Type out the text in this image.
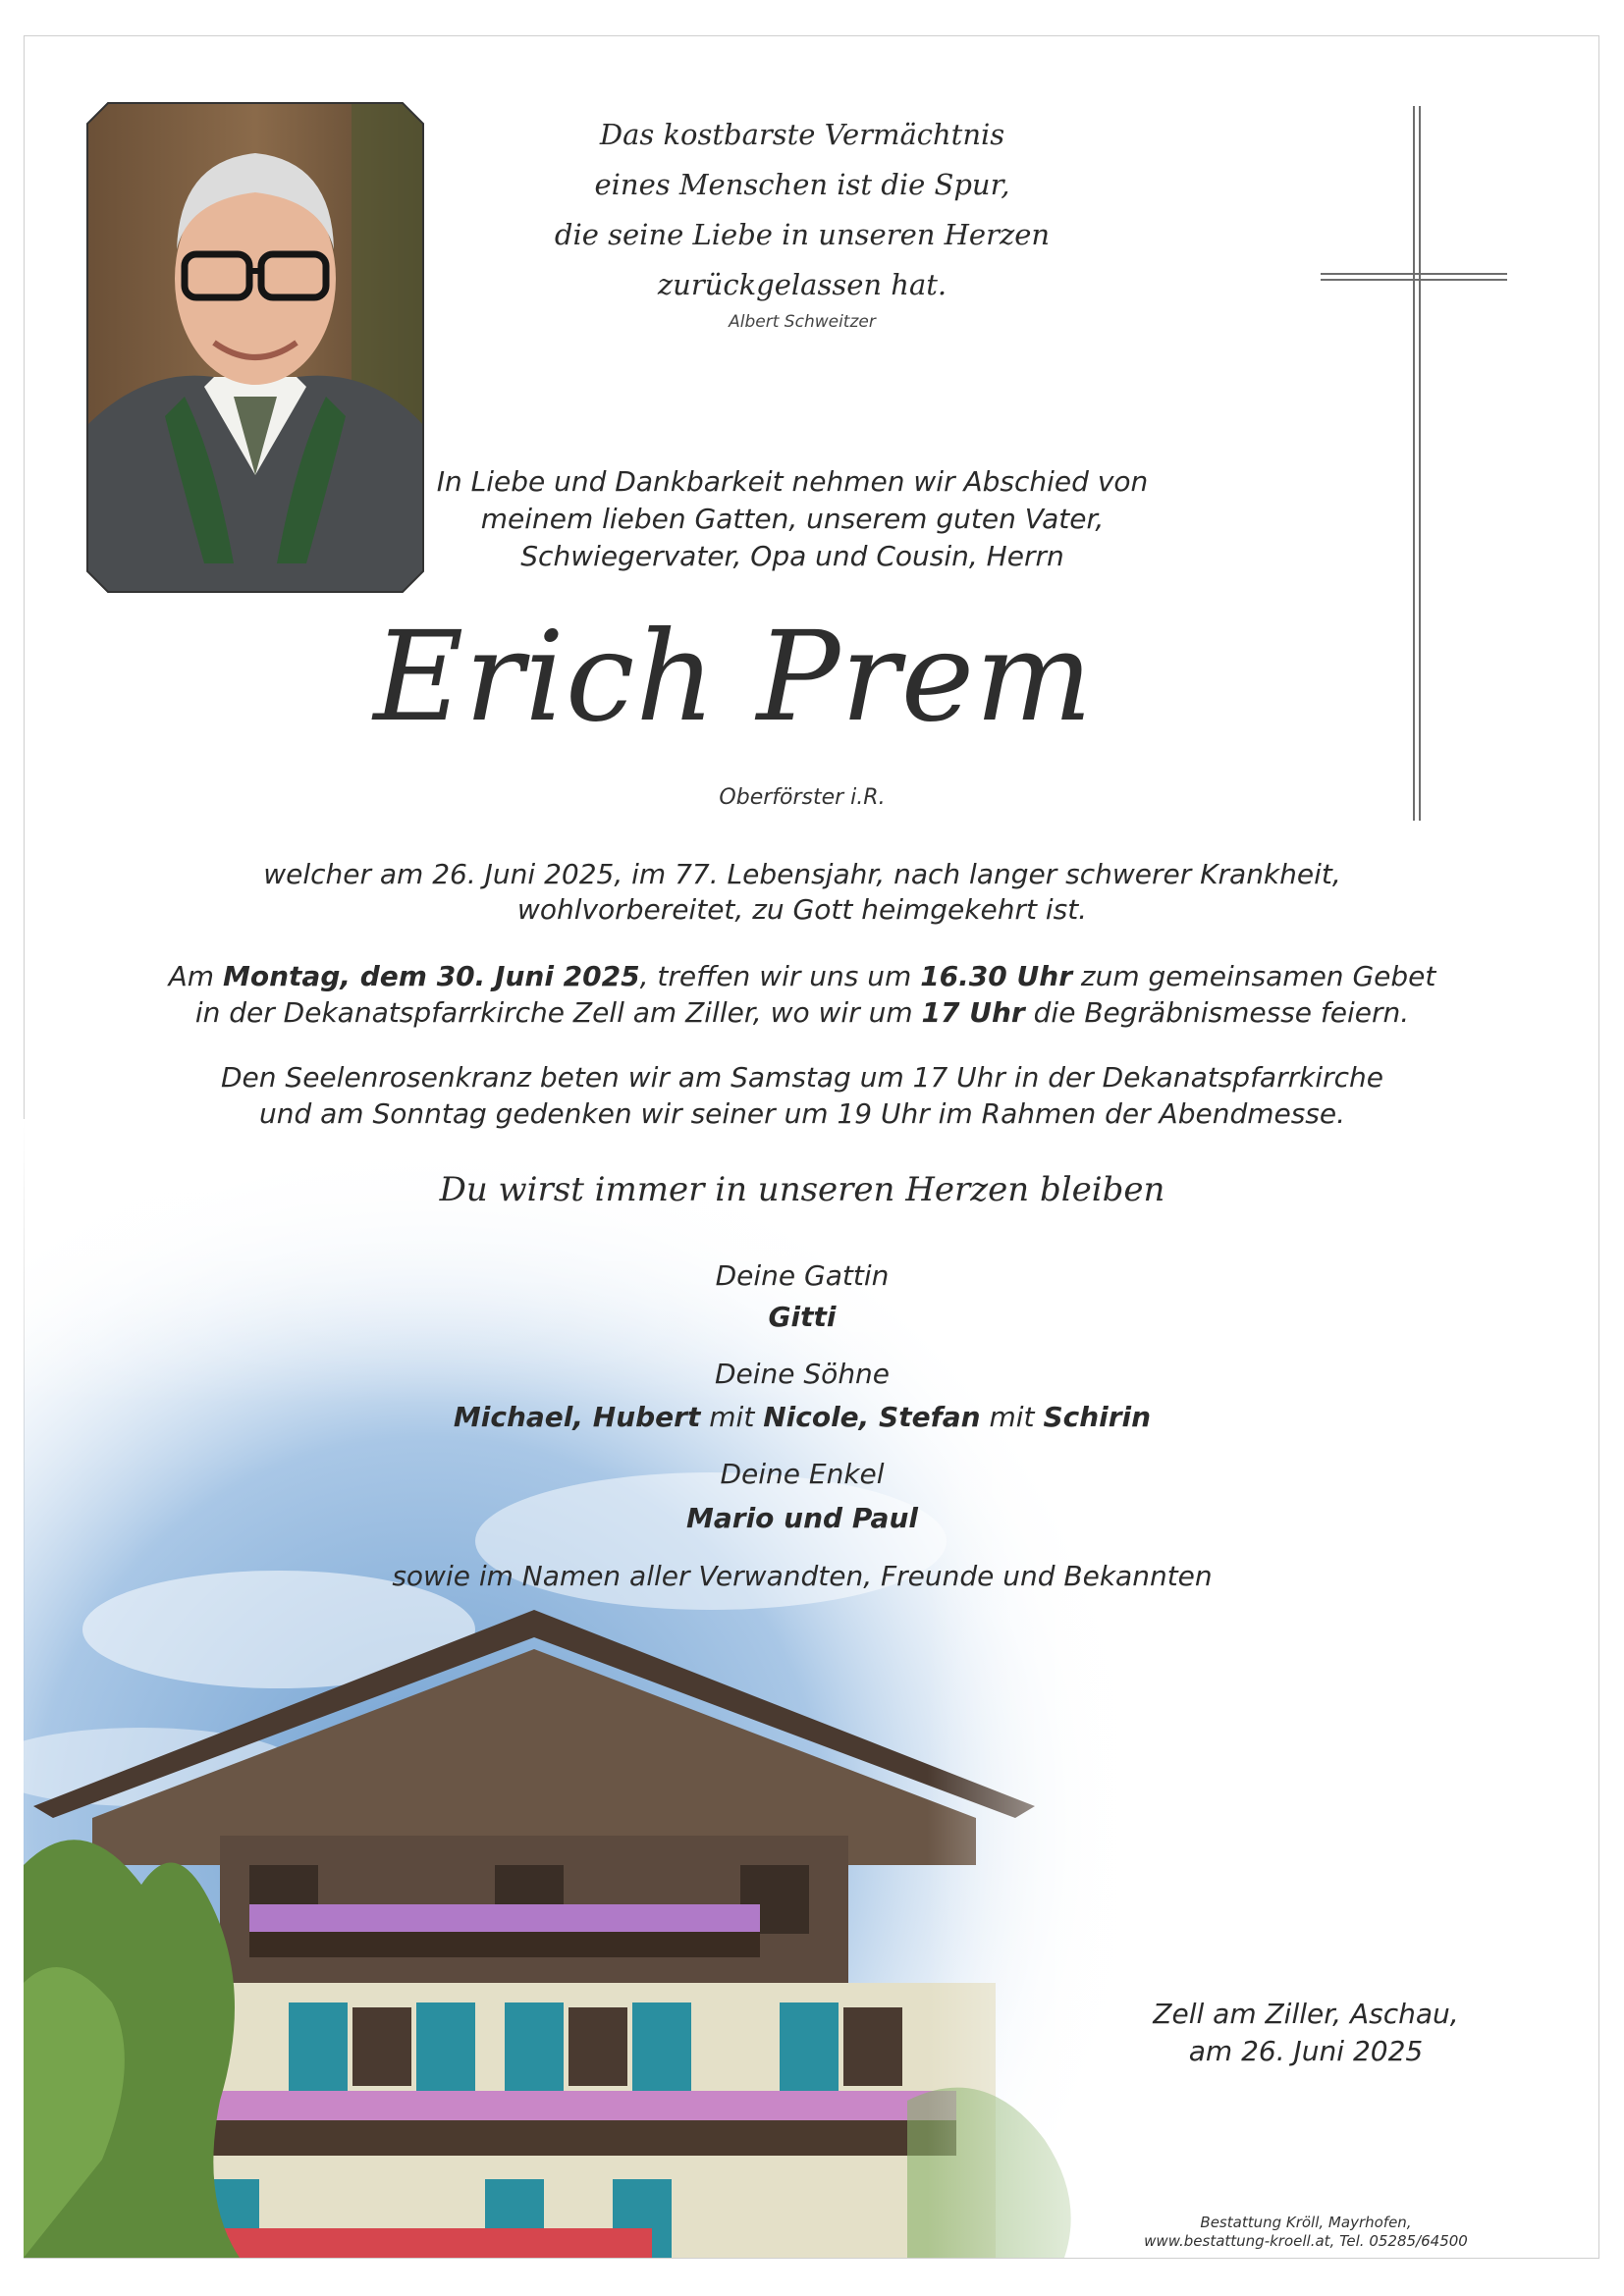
Das kostbarste Vermächtnis
eines Menschen ist die Spur,
die seine Liebe in unseren Herzen
zurückgelassen hat.
Albert Schweitzer
In Liebe und Dankbarkeit nehmen wir Abschied von
meinem lieben Gatten, unserem guten Vater,
Schwiegervater, Opa und Cousin, Herrn
Erich Prem
Oberförster i.R.
welcher am 26. Juni 2025, im 77. Lebensjahr, nach langer schwerer Krankheit,
wohlvorbereitet, zu Gott heimgekehrt ist.
Am Montag, dem 30. Juni 2025, treffen wir uns um 16.30 Uhr zum gemeinsamen Gebet
in der Dekanatspfarrkirche Zell am Ziller, wo wir um 17 Uhr die Begräbnismesse feiern.
Den Seelenrosenkranz beten wir am Samstag um 17 Uhr in der Dekanatspfarrkirche
und am Sonntag gedenken wir seiner um 19 Uhr im Rahmen der Abendmesse.
Du wirst immer in unseren Herzen bleiben
Deine Gattin
Gitti
Deine Söhne
Michael, Hubert mit Nicole, Stefan mit Schirin
Deine Enkel
Mario und Paul
sowie im Namen aller Verwandten, Freunde und Bekannten
Zell am Ziller, Aschau,
am 26. Juni 2025
Bestattung Kröll, Mayrhofen,
www.bestattung-kroell.at, Tel. 05285/64500
